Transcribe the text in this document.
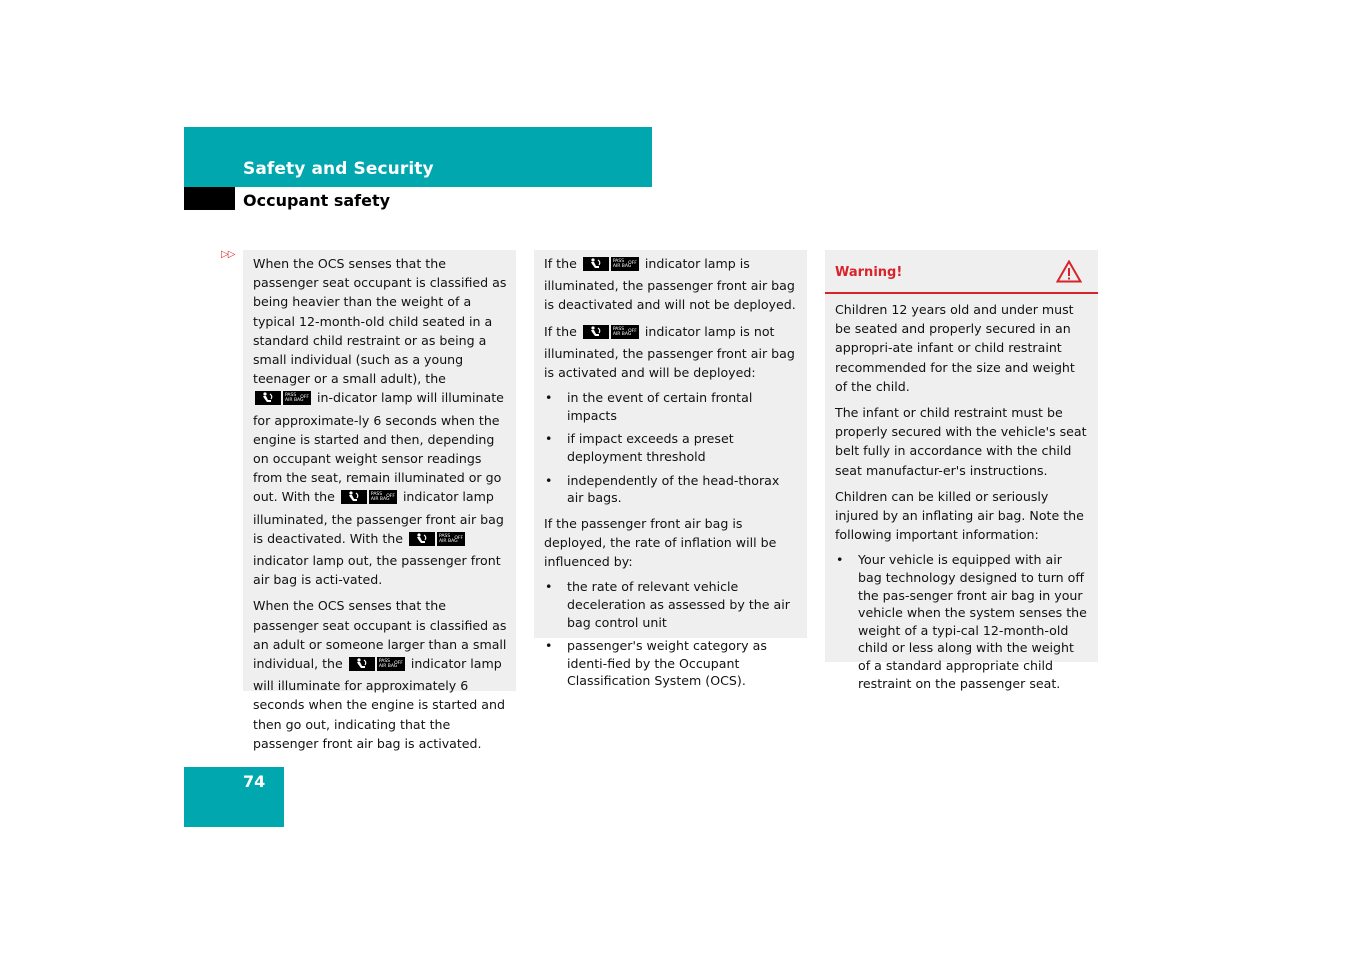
Safety and Security
Occupant safety
▷▷

When the OCS senses that the passenger seat occupant is classified as being heavier than the weight of a typical 12-month-old child seated in a standard child restraint or as being a small individual (such as a young teenager or a small adult), the
PASS
AIR BAG
OFF in-dicator lamp will illuminate for approximate-ly 6 seconds when the engine is started and then, depending on occupant weight sensor readings from the seat, remain illuminated or go out. With the	PASS
AIR BAG
OFF indicator lamp illuminated, the passenger front air bag is deactivated. With the	PASS
AIR BAG
OFF
indicator lamp out, the passenger front air bag is acti-vated.

When the OCS senses that the passenger seat occupant is classified as an adult or someone larger than a small individual, the	PASS
AIR BAG
OFF indicator lamp will illuminate for approximately 6 seconds when the engine is started and then go out, indicating that the passenger front air bag is activated.

If the	PASS
AIR BAG
OFF indicator lamp is illuminated, the passenger front air bag is deactivated and will not be deployed.

If the	PASS
AIR BAG
OFF indicator lamp is not illuminated, the passenger front air bag is activated and will be deployed:

• in the event of certain frontal impacts
• if impact exceeds a preset deployment threshold
• independently of the head-thorax air bags.

If the passenger front air bag is deployed, the rate of inflation will be influenced by:

• the rate of relevant vehicle deceleration as assessed by the air bag control unit
• passenger's weight category as identi-fied by the Occupant Classification System (OCS).
Warning!

Children 12 years old and under must be seated and properly secured in an appropri-ate infant or child restraint recommended for the size and weight of the child.

The infant or child restraint must be properly secured with the vehicle's seat belt fully in accordance with the child seat manufactur-er's instructions.

Children can be killed or seriously injured by an inflating air bag. Note the following important information:

• Your vehicle is equipped with air bag technology designed to turn off the pas-senger front air bag in your vehicle when the system senses the weight of a typi-cal 12-month-old child or less along with the weight of a standard appropriate child restraint on the passenger seat.
74
